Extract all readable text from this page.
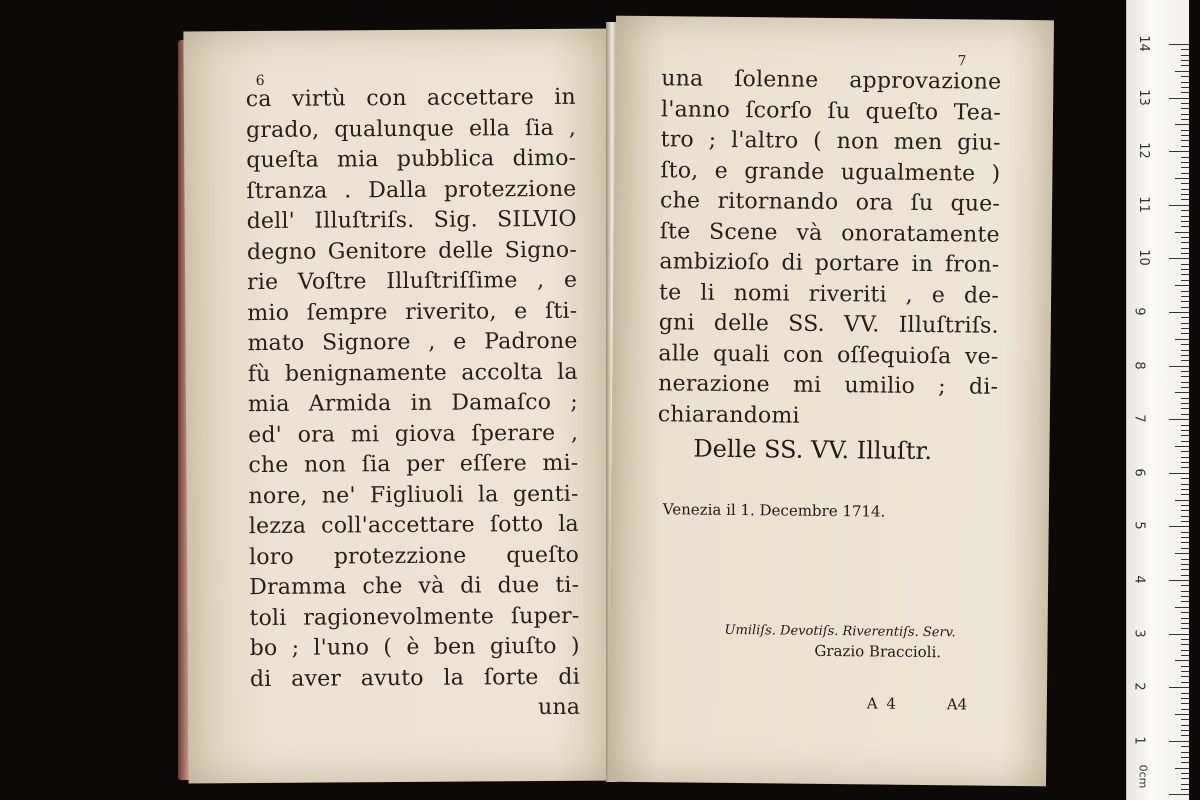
6
ca virtù con accettare in
grado, qualunque ella ſia ,
queſta mia pubblica dimo-
ſtranza . Dalla protezzione
dell' Illuſtriſs. Sig. SILVIO
degno Genitore delle Signo-
rie Voſtre Illuſtriſſime , e
mio ſempre riverito, e ſti-
mato Signore , e Padrone
fù benignamente accolta la
mia Armida in Damaſco ;
ed' ora mi giova ſperare ,
che non ſia per eſſere mi-
nore, ne' Figliuoli la genti-
lezza coll'accettare ſotto la
loro protezzione queſto
Dramma che và di due ti-
toli ragionevolmente ſuper-
bo ; l'uno ( è ben giuſto )
di aver avuto la ſorte di
una
7
una ſolenne approvazione
l'anno ſcorſo ſu queſto Tea-
tro ; l'altro ( non men giu-
ſto, e grande ugualmente )
che ritornando ora ſu que-
ſte Scene và onoratamente
ambizioſo di portare in fron-
te li nomi riveriti , e de-
gni delle SS. VV. Illuſtriſs.
alle quali con oſſequioſa ve-
nerazione mi umilio ; di-
chiarandomi
Delle SS. VV. Illuſtr.
Venezia il 1. Decembre 1714.
Umiliſs. Devotiſs. Riverentiſs. Serv.
Grazio Braccioli.
A 4	A4
14
13
12
11
10
9
8
7
6
5
4
3
2
1
0cm
